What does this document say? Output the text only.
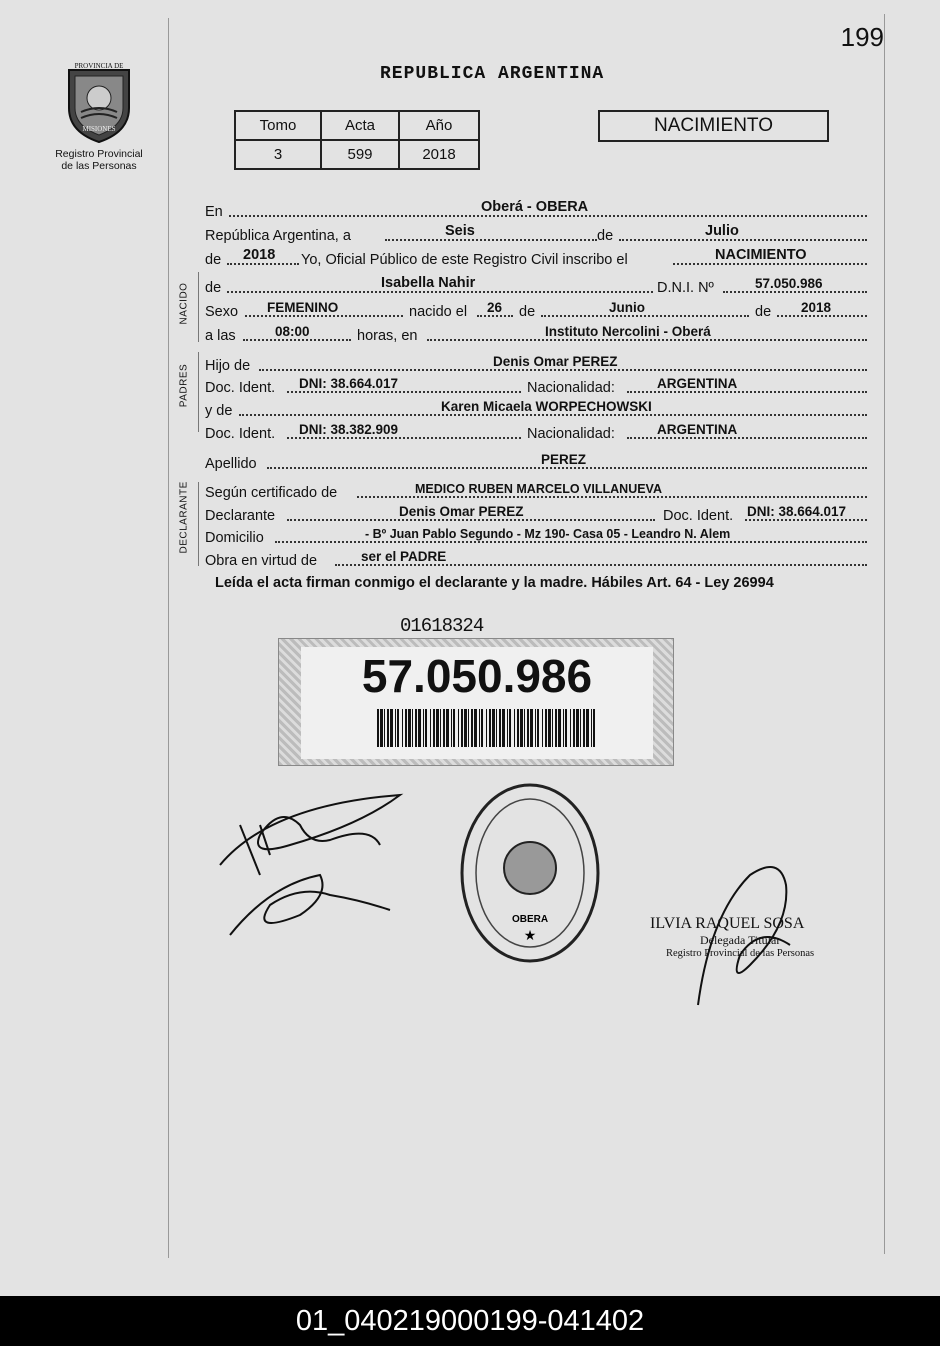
199
REPUBLICA ARGENTINA
PROVINCIA DE
MISIONES
Registro Provincial
de las Personas
Tomo	Acta	Año
3	599	2018
NACIMIENTO
En	Oberá - OBERA
República Argentina, a	Seis	de	Julio
de 2018 Yo, Oficial Público de este Registro Civil inscribo el	NACIMIENTO
NACIDO de	Isabella Nahir	D.N.I. Nº	57.050.986
Sexo FEMENINO	nacido el 26 de	Junio	de 2018
a las	08:00	horas, en	Instituto Nercolini - Oberá
PADRES Hijo de	Denis Omar PEREZ
Doc. Ident. DNI: 38.664.017	Nacionalidad:	ARGENTINA
y de	Karen Micaela WORPECHOWSKI
Doc. Ident. DNI: 38.382.909	Nacionalidad:	ARGENTINA
Apellido	PEREZ
DECLARANTE Según certificado de	MEDICO RUBEN MARCELO VILLANUEVA
Declarante	Denis Omar PEREZ	Doc. Ident. DNI: 38.664.017
Domicilio	- Bº Juan Pablo Segundo - Mz 190- Casa 05 - Leandro N. Alem
Obra en virtud de	ser el PADRE
Leída el acta firman conmigo el declarante y la madre. Hábiles Art. 64 - Ley 26994
01618324
57.050.986
OBERA
★
ILVIA RAQUEL SOSA
Delegada Titular
Registro Provincial de las Personas
01_040219000199-041402
